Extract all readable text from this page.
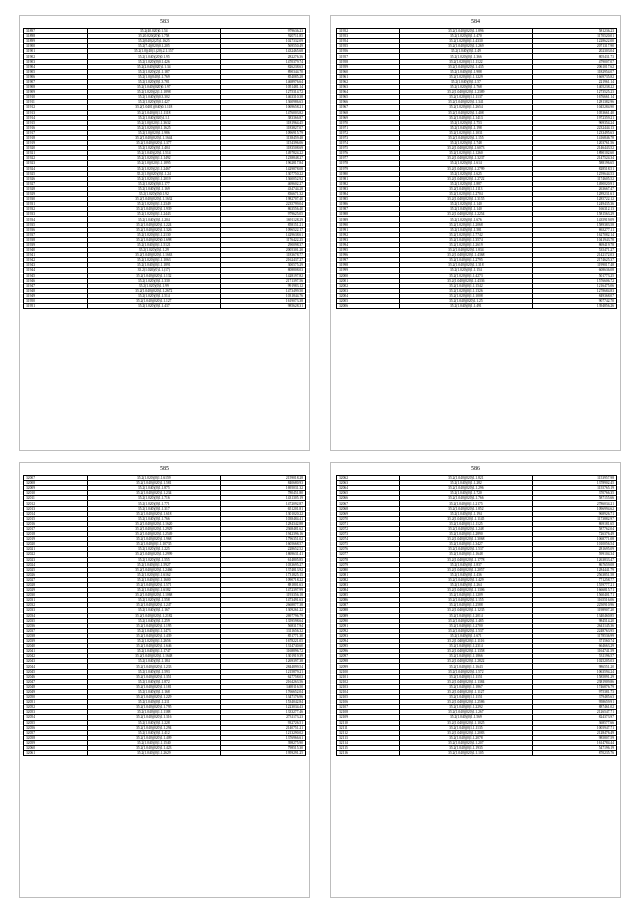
583
31897	35.2(40.020)0.1.54	979636.23
31898	35.20.020(20)0.1.758	920711.85
31899	35.2(040)2(25)1.1625	1027332.09
31900	35.2(7.4)(020)0.1.205	569550.49
31901	35.2(1.0)(40)1.(20).2.1.157	1432465.68
31902	35.2(1.040)(20)0.1.95	282276.36
31903	35.2(1.020)(0)0.1.426	1470379.74
31904	35.2(2.040)(020)1.1.34	826238.63
31905	35.2(1.020)(2)1.1.187	890344.70
31906	35.2(1.0)(040)1.1.769	854085.28
31907	35.2(1.020)(0)1.3.781	1468976.64
31908	35.2(1.040)(020)0.1.97	1051481.14
31909	35.2(1.020)(2)1.1.1898	1275314.72
31910	35.2(1.040)(0)0.3.302	1463310.38
31911	35.2(1.020)(0)0.1.427	1360986.63
31912	35.2(1.0401)(040)0.1.118	1069658.21
31913	35.2(1.040)(0)1.1.1118	1476003.82
31914	35.2(1.040)(020)1.1.1	383366.87
31915	35.2(1.0)(020)1.1.3632	1181964.45
31916	35.2(1.020)(0)0.1.1625	1183827.07
31917	35.2(1.0)(020)1.1.986	1096915.79
31918	35.2(1.040)(020)1.1.1644	1138459.48
31919	35.2(1.040)(020)1.1.377	1154396.06
31920	35.2(1.020)(0)1.1.404	1183508.69
31921	35.2(1.040)(20)1.1.514	1497824.22
31922	35.2(1.020)(0)1.1.1492	1238848.27
31923	35.2(1.0)(020)1.1.1895	1962817.84
31924	35.2(1.020)(2)1.1.2467	1429878.08
31925	35.2(1.0)(020)(0)1.1.24	1307750.22
31926	35.2(1.020)(0)1.1.2019	1360052.92
31927	35.2(1.020)(0)0.1.177	469602.27
31928	35.2(1.040)(0)1.1.169	434744.28
31929	35.2(1.020)(0)0.1.92	836671.32
31930	35.2(1.040)(020)1.1.1632	1982707.40
31931	35.2(1.020)(0)1.1.2349	2235799.04
31932	35.2(1.040)(020)1.1.939	863556.40
31933	35.2(1.020)(0)1.1.2443	979625.05
31934	35.2(1.040)(0)1.1.204	1691128.29
31935	35.2(1.040)(020)1.1.224	858151.21
31936	35.2(1.040)(020)1.1.326	1096522.17
31937	35.2(1.020)(0)1.1.2130	1429638.61
31938	35.2(1.040)(020)0.1.698	1176422.25
31939	35.2(1.040)(0)1.1.5121	290098.37
31940	35.2(1.020)(0)1.1.29	2005301.20
31941	35.2(1.040)(020)1.1.1663	1183678.77
31942	35.2(1.020)(0)1.1.1063	2162437.27
31943	35.2(1.040)(0)1.1.1891	300575.29
31944	35.2(1.020)(0)1.1.(17)	808808.03
31945	35.2(1.040)(020)1.1.132	1428197.82
31946	35.2(1.020)(0)1.1.330	2171397.56
31947	35.2(1.020)(0)1.1.99	991983.12
31948	35.2(1.040)(020)1.1.2672	1473499.50
31949	35.2(1.020)(0)1.1.514	1031844.76
31950	35.2(1.040)(020)1.1.127	1619073.38
31951	35.2(1.020)(0)1.1.437	985628.31
584
31952	35.2(1.040)(020)1.1.896	581236.23
31953	35.2(1.020)(0)1.1.470	1170520.01
31954	35.2(1.020)(0)1.1.4330	1228622.00
31955	35.2(1.040)(020)1.1.269	2071317.90
31956	35.2(1.040)(0)1.1.49	202303.04
31957	35.2(1.020)(0)1.1.366	805431.73
31958	35.2(1.020)(0)1.1.1122	479007.07
31959	35.2(1.040)(020)1.1.435	2061017.62
31960	35.2(1.040)(0)1.1.988	1182954.07
31961	35.2(1.020)(0)1.1.1229	1669735.82
31962	35.2(1.040)(0)1.1.57	221961.14
31963	35.2(1.020)(0)1.1.768	1405238.22
31964	35.2(1.040)(020)1.1.2389	1273525.23
31965	35.2(1.020)(0)1.1.1137	1676661.14
31966	35.2(1.040)(020)1.1.341	1281382.96
31967	35.2(1.020)(0)1.1.2654	1045284.90
31968	35.2(1.040)(020)1.1.408	1053661.40
31969	35.2(1.040)(0)1.1.1413	1972359.21
31970	35.2(1.020)(0)1.1.753	969354.24
31971	35.2(1.040)(0)1.1.198	2232444.13
31972	35.2(1.020)(0)1.1.1031	1233495.63
31973	35.2(1.040)(020)1.1.155	1416846.78
31974	35.2(1.020)(0)1.1.748	1203761.56
31975	35.2(1.040)(020)1.1.6073	2146443.52
31976	35.2(1.020)(0)1.1.1260	1890102.60
31977	35.2(1.040)(020)1.1.3237	2147524.34
31978	35.2(1.020)(0)1.1.614	588196.65
31979	35.2(1.040)(020)1.1.2799	828518.51
31980	35.2(1.020)(0)1.1.625	1259644.53
31981	35.2(1.040)(020)1.1.2722	1174605.52
31982	35.2(1.020)(0)1.1.887	1490020.91
31983	35.2(1.040)(0)1.1.1113	263667.47
31984	35.2(1.020)(0)1.1.2704	1289231.61
31985	35.2(1.040)(020)1.1.3155	1285722.12
31986	35.2(1.020)(0)1.1.140	1249435.36
31987	35.2(1.040)(0)1.1.140	166312.13
31988	35.2(1.040)(020)1.1.2254	1581563.29
31989	35.2(1.020)(0)1.1.676	1435919.09
31990	35.2(1.020)(0)1.1.2068	1589383.58
31991	35.2(1.040)(0)1.1.581	863277.11
31992	35.2(1.020)(0)1.1.7742	1627082.14
31993	35.2(1.040)(0)1.1.3574	1041943.78
31994	35.2(1.020)(0)1.1.2619	869419.78
31995	35.2(1.040)(020)1.1.834	535471.27
31996	35.2(1.040)(020)1.1.4368	2142172.03
31997	35.2(1.040)(0)1.1.2795	2174625.37
31998	35.2(1.040)(020)1.1.318	1199017.48
31999	35.2(1.020)(0)1.1.154	608636.08
32000	35.2(1.020)(0)1.1.4273	501773.25
32001	35.2(1.040)(020)1.1.4336	1576606.72
32002	35.2(1.040)(0)1.1.1542	1216475.06
32003	35.2(1.020)(0)1.1.1326	1278684.83
32004	35.2(1.020)(0)1.1.1008	849368.07
32005	35.2(1.040)(020)1.1.25	907742.70
32006	35.2(1.040)(0)1.1.491	1394856.26
585
32007	35.2(1.020)(0)1.1.6159	2159018.28
32008	35.2(1.040)(020)1.1.581	840680.93
32009	35.2(1.040)(0)1.1.875	1695031.32
32010	35.2(1.040)(020)1.1.234	780451.80
32011	35.2(1.020)(0)1.1.716	1431305.19
32012	35.2(1.020)(0)1.1.771	1472092.87
32013	35.2(1.040)(0)1.1.317	651201.81
32014	35.2(1.040)(020)1.1.618	1301020.22
32015	35.2(1.040)(0)1.1.766	1038484.41
32016	35.2(1.040)(020)1.1.1620	1284342.88
32017	35.2(1.040)(020)1.1.2929	2368481.62
32018	35.2(1.040)(020)1.1.2549	1942396.16
32019	35.2(1.040)(020)1.1.968	1796351.02
32020	35.2(1.040)(0)1.1.10735	1605668.57
32021	35.2(1.020)(0)1.1.225	228652.52
32022	35.2(1.040)(020)1.1.2999	1869631.41
32023	35.2(1.020)(0)1.1.555	614805.85
32024	35.2(1.040)(0)1.1.5927	1033695.27
32025	35.2(1.040)(020)1.1.2466	1374813.92
32026	35.2(1.020)(0)1.1.6162	1731825.15
32027	35.2(1.040)(0)1.1.1600	1090718.22
32028	35.2(1.040)(020)1.1.571	881801.63
32029	35.2(1.040)(0)1.1.6182	1472397.99
32030	35.2(1.040)(020)1.1.1068	1193356.18
32031	35.2(1.020)(0)1.1.558	1473491.63
32032	35.2(1.040)(020)1.1.247	2668877.38
32033	35.2(1.040)(0)1.1.167	1309261.22
32034	35.2(1.040)(020)1.1.2182	2697796.79
32035	35.2(1.040)(0)1.1.259	1359598.64
32036	35.2(1.040)(020)1.1.195	568317.94
32037	35.2(1.040)(0)1.1.1473	1311656.32
32038	35.2(1.040)(020)1.1.439	851771.30
32039	35.2(1.020)(0)1.1.2656	1678221.05
32040	35.2(1.040)(020)1.1.646	1314740.60
32041	35.2(1.040)(0)1.1.1747	1168896.72
32042	35.2(1.040)(020)1.1.1648	1301919.39
32043	35.2(1.040)(0)1.1.184	1269397.38
32044	35.2(1.040)(020)1.1.233	2844899.54
32045	35.2(1.040)(0)1.1.593	1215879.21
32046	35.2(1.040)(020)1.1.351	627758.03
32047	35.2(1.040)(0)1.1.872	2164263.56
32048	35.2(1.040)(020)1.1.181	1469116.50
32049	35.2(1.040)(0)1.1.168	1766652.04
32050	35.2(1.040)(020)1.1.229	1347176.96
32051	35.2(1.040)(0)1.1.211	1534042.84
32052	35.2(1.040)(020)1.1.795	1223034.43
32053	35.2(1.040)(0)1.1.1188	1333277.46
32054	35.2(1.040)(020)1.1.316	2731173.23
32055	35.2(1.040)(0)1.1.228	932726.51
32056	35.2(1.040)(020)1.1.294	2140751.21
32057	35.2(1.040)(0)1.1.412	1213290.02
32058	35.2(1.040)(020)1.1.409	1376966.61
32059	35.2(1.040)(0)1.1.1540	398275.90
32060	35.2(1.040)(020)1.1.423	798515.30
32061	35.2(1.040)(0)1.1.2629	1959291.25
586
32062	35.2(1.040)(020)1.1.821	1153957.98
32063	35.2(1.040)(0)1.1.282	1378902.45
32064	35.2(1.040)(020)1.1.296	1155765.19
32065	35.2(1.040)(0)1.1.720	370766.35
32066	35.2(1.040)(020)1.1.766	587155.66
32067	35.2(1.040)(0)1.1.2175	2786034.21
32068	35.2(1.040)(020)1.1.852	1096994.62
32069	35.2(1.040)(0)1.1.194	968926.71
32070	35.2(1.040)(020)1.1.1145	1173882.97
32071	35.2(1.040)(0)1.1.1125	869181.65
32072	35.2(1.040)(020)1.1.248	587762.04
32073	35.2(1.040)(0)1.1.2890	726376.49
32074	35.2(1.040)(020)1.1.3068	1068771.08
32075	35.2(1.040)(0)1.1.3427	1010056.54
32076	35.2(1.040)(020)1.1.537	281695.09
32077	35.2(1.040)(0)1.1.1648	599104.34
32078	35.2(1.040)(020)1.1.1778	1263833.47
32079	35.2(1.040)(0)1.1.837	867659.08
32080	35.2(1.040)(020)1.1.2057	1284441.79
32081	35.2(1.040)(0)1.1.436	2563851.58
32082	35.2(1.040)(020)1.1.429	771258.77
32083	35.2(1.040)(0)1.1.264	1559777.21
32084	35.2(1.040)(020)1.1.1306	1666815.71
32085	35.2(1.040)(0)1.1.1209	1560401.71
32086	35.2(1.040)(020)1.1.155	1165516.06
32087	35.2(1.040)(0)1.1.2588	2250910.96
32088	35.2(1.040)(020)1.1.1235	1198907.20
32089	35.2(1.040)(0)1.1.2014	1340460.85
32090	35.2(1.040)(020)1.1.485	984514.20
32091	35.2(1.040)(0)1.1.2700	2641145.36
32092	35.2(1.040)(020)1.1.537	2248763.95
32093	35.2(1.040)(0)1.1.671	1178536.99
32094	35.2(1.040)(020)1.1.1116	371560.74
32095	35.2(1.040)(0)1.1.2314	664663.29
32096	35.2(1.040)(020)1.1.1358	1164741.59
32097	35.2(1.040)(0)1.1.1866	531196.57
32098	35.2(1.040)(020)1.1.2822	1025205.03
32099	35.2(1.040)(0)1.1.1643	986551.20
32100	35.2(1.040)(020)1.1.572	1063594.24
32101	35.2(1.040)(0)1.1.1151	1585891.29
32102	35.2(1.040)(020)1.1.1384	2381909.86
32103	35.2(1.040)(0)1.1.1867	1746876.79
32104	35.2(1.040)(020)1.1.1127	975381.73
32105	35.2(1.040)(0)1.1.1151	379485.63
32106	35.2(1.040)(020)1.1.2586	958659.91
32107	35.2(1.040)(0)1.1.2292	887461.02
32108	35.2(1.040)(020)1.1.267	2126547.71
32109	35.2(1.040)(0)1.1.569	824373.97
32110	35.2(1.040)(020)1.1.1025	368577.66
32111	35.2(1.040)(0)1.1.1135	1005947.71
32112	35.2(1.040)(020)1.1.2083	2128476.49
32113	35.2(1.040)(0)1.1.2078	985807.59
32114	35.2(1.040)(020)1.1.207	1614784.44
32115	35.2(1.040)(0)1.1.1935	547196.19
32116	35.2(1.040)(020)1.1.105	870235.76
